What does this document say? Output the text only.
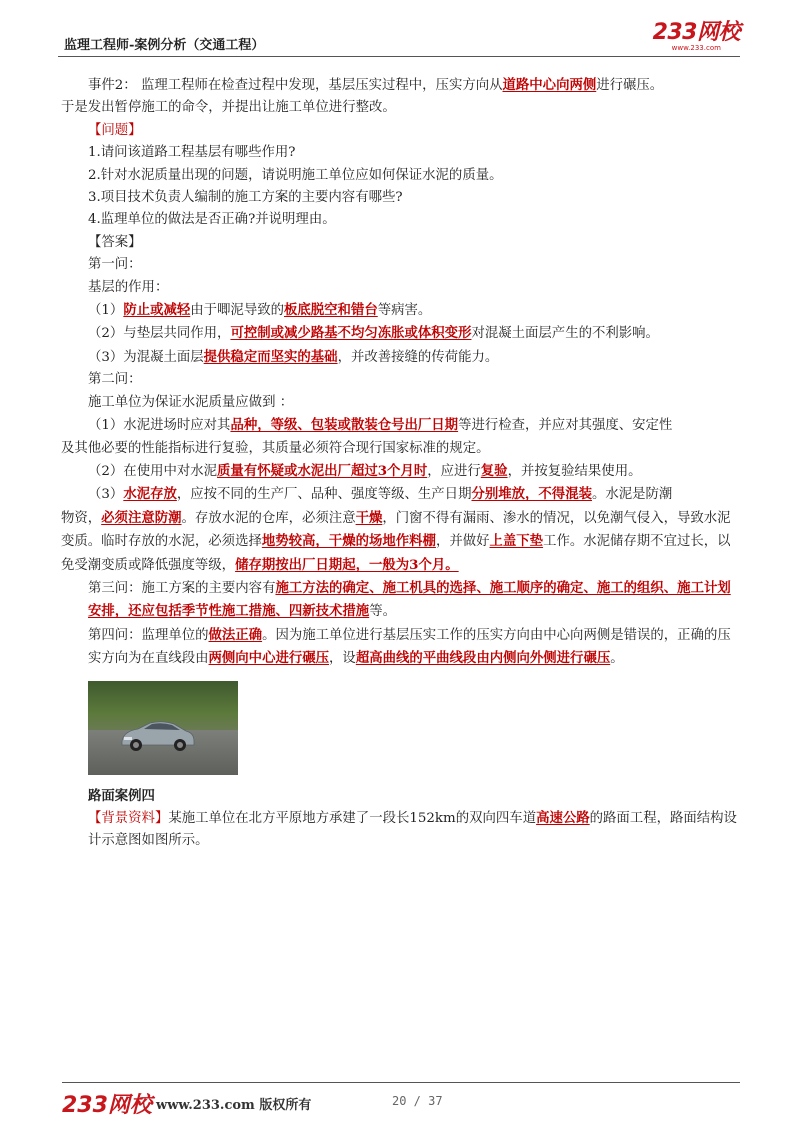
监理工程师-案例分析（交通工程）
233网校
www.233.com

事件2： 监理工程师在检查过程中发现，基层压实过程中，压实方向从道路中心向两侧进行碾压。

于是发出暂停施工的命令，并提出让施工单位进行整改。

【问题】

1.请问该道路工程基层有哪些作用?

2.针对水泥质量出现的问题，请说明施工单位应如何保证水泥的质量。

3.项目技术负责人编制的施工方案的主要内容有哪些?

4.监理单位的做法是否正确?并说明理由。

【答案】

第一问：

基层的作用：

（1）防止或减轻由于唧泥导致的板底脱空和错台等病害。

（2）与垫层共同作用，可控制或减少路基不均匀冻胀或体积变形对混凝土面层产生的不利影响。

（3）为混凝土面层提供稳定而坚实的基础，并改善接缝的传荷能力。

第二问：

施工单位为保证水泥质量应做到 ：

（1）水泥进场时应对其品种，等级、包装或散装仓号出厂日期等进行检查，并应对其强度、安定性

及其他必要的性能指标进行复验，其质量必须符合现行国家标准的规定。

（2）在使用中对水泥质量有怀疑或水泥出厂超过3个月时，应进行复验，并按复验结果使用。

（3）水泥存放，应按不同的生产厂、品种、强度等级、生产日期分别堆放，不得混装。水泥是防潮

物资，必须注意防潮。存放水泥的仓库，必须注意干燥，门窗不得有漏雨、渗水的情况，以免潮气侵入，导致水泥变质。临时存放的水泥，必须选择地势较高，干燥的场地作料棚，并做好上盖下垫工作。水泥储存期不宜过长，以免受潮变质或降低强度等级，储存期按出厂日期起，一般为3个月。

第三问：施工方案的主要内容有施工方法的确定、施工机具的选择、施工顺序的确定、施工的组织、施工计划安排，还应包括季节性施工措施、四新技术措施等。

第四问：监理单位的做法正确。因为施工单位进行基层压实工作的压实方向由中心向两侧是错误的，正确的压实方向为在直线段由两侧向中心进行碾压，设超高曲线的平曲线段由内侧向外侧进行碾压。

路面案例四

【背景资料】某施工单位在北方平原地方承建了一段长152km的双向四车道高速公路的路面工程，路面结构设计示意图如图所示。

233网校 www.233.com 版权所有	20 / 37
